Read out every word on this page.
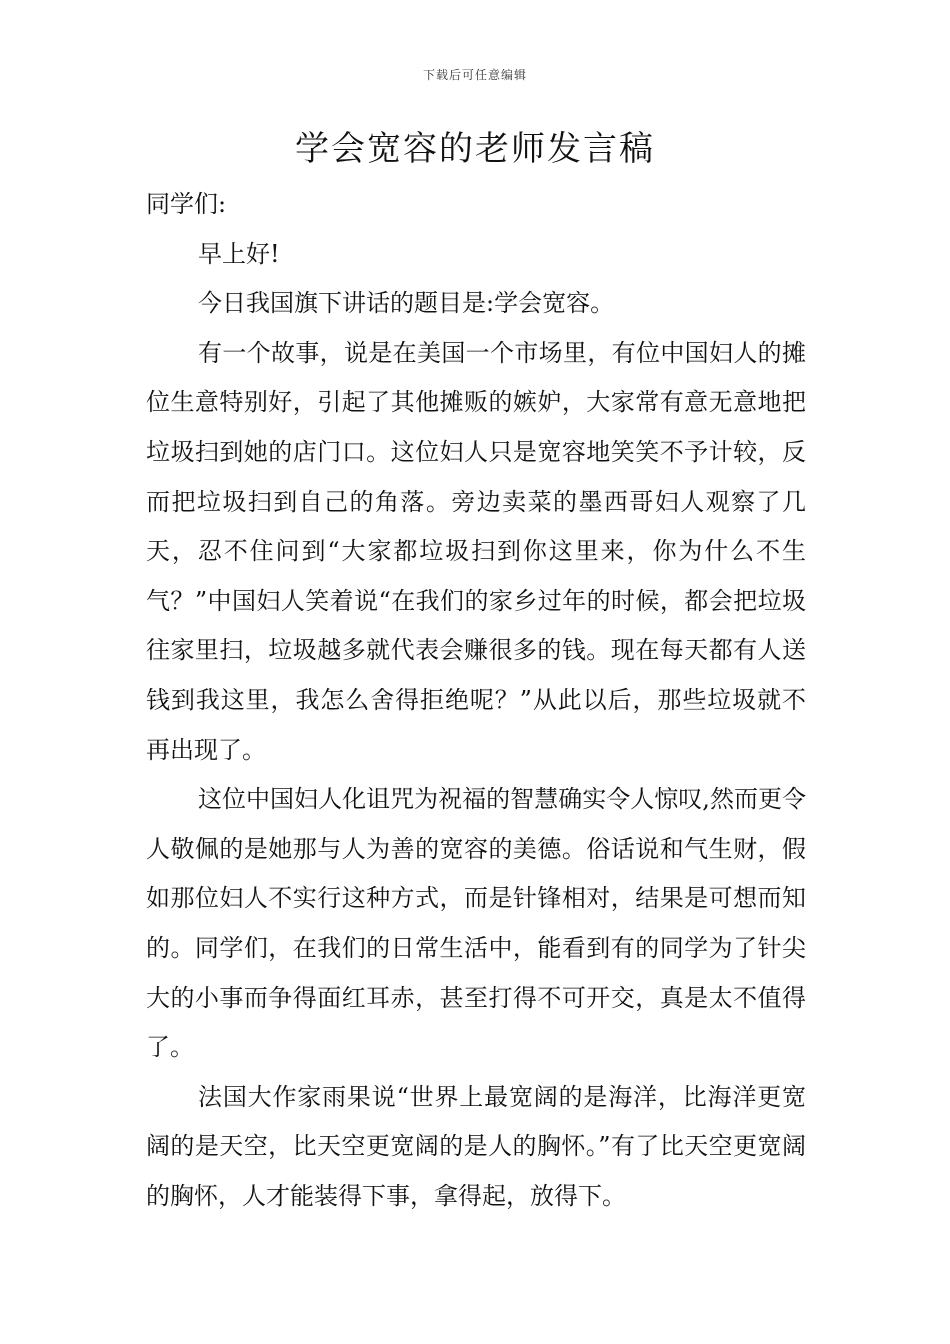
下载后可任意编辑
学会宽容的老师发言稿

同学们:

早上好!

今日我国旗下讲话的题目是:学会宽容。

有一个故事，说是在美国一个市场里，有位中国妇人的摊位生意特别好，引起了其他摊贩的嫉妒，大家常有意无意地把垃圾扫到她的店门口。这位妇人只是宽容地笑笑不予计较，反而把垃圾扫到自己的角落。旁边卖菜的墨西哥妇人观察了几天，忍不住问到“大家都垃圾扫到你这里来，你为什么不生气？”中国妇人笑着说“在我们的家乡过年的时候，都会把垃圾往家里扫，垃圾越多就代表会赚很多的钱。现在每天都有人送钱到我这里，我怎么舍得拒绝呢？”从此以后，那些垃圾就不再出现了。

这位中国妇人化诅咒为祝福的智慧确实令人惊叹,然而更令人敬佩的是她那与人为善的宽容的美德。俗话说和气生财，假如那位妇人不实行这种方式，而是针锋相对，结果是可想而知的。同学们，在我们的日常生活中，能看到有的同学为了针尖大的小事而争得面红耳赤，甚至打得不可开交，真是太不值得了。

法国大作家雨果说“世界上最宽阔的是海洋，比海洋更宽阔的是天空，比天空更宽阔的是人的胸怀。”有了比天空更宽阔的胸怀，人才能装得下事，拿得起，放得下。
